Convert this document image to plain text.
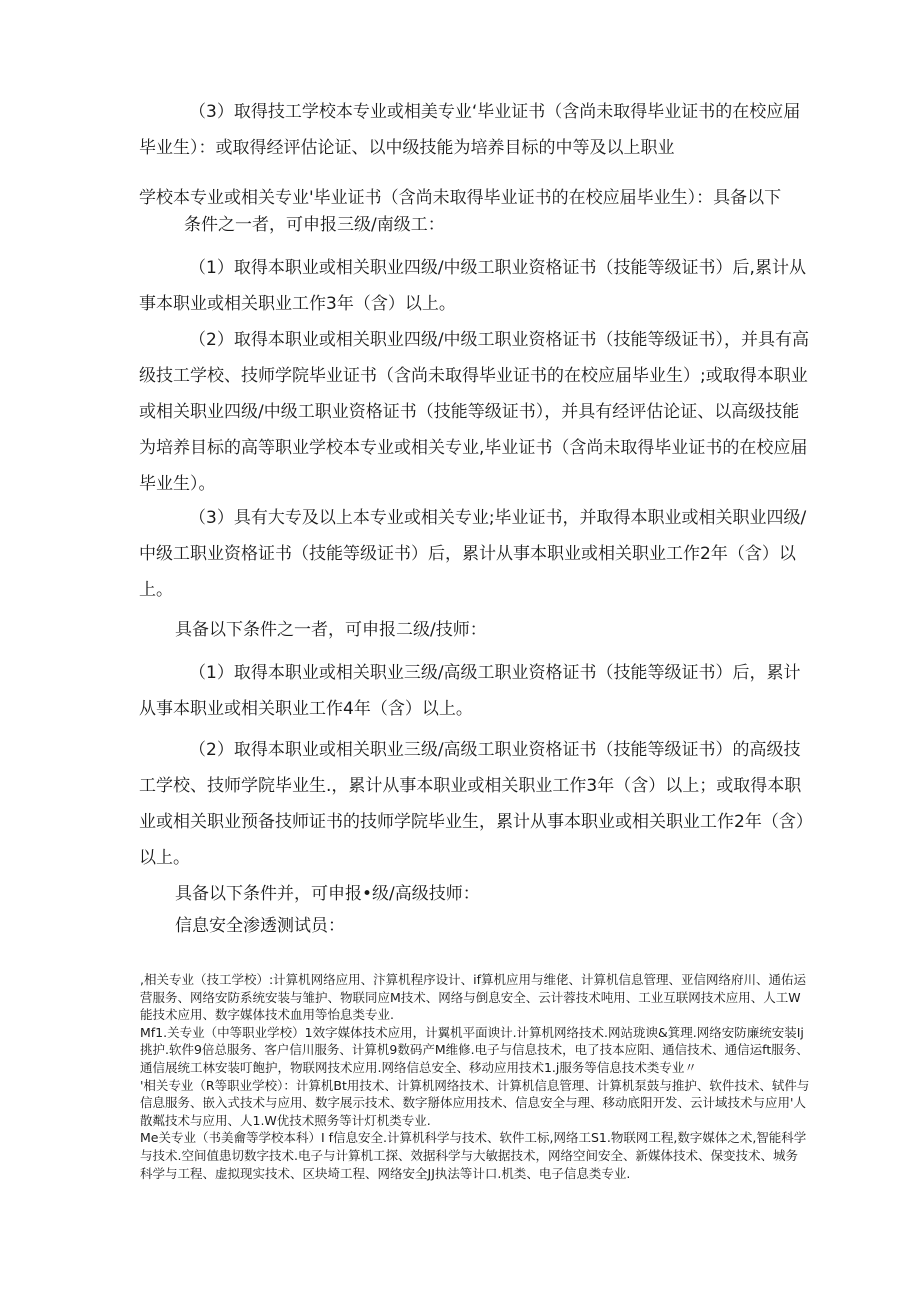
（3）取得技工学校本专业或相美专业‘毕业证书（含尚未取得毕业证书的在校应届毕业生）：或取得经评估论证、以中级技能为培养目标的中等及以上职业

学校本专业或相关专业'毕业证书（含尚未取得毕业证书的在校应届毕业生）：具备以下

条件之一者，可申报三级/南级工：

（1）取得本职业或相关职业四级/中级工职业资格证书（技能等级证书）后,累计从事本职业或相关职业工作3年（含）以上。

（2）取得本职业或相关职业四级/中级工职业资格证书（技能等级证书），并具有高级技工学校、技师学院毕业证书（含尚未取得毕业证书的在校应届毕业生）;或取得本职业或相关职业四级/中级工职业资格证书（技能等级证书），并具有经评估论证、以高级技能为培养目标的高等职业学校本专业或相关专业,毕业证书（含尚未取得毕业证书的在校应届毕业生）。

（3）具有大专及以上本专业或相关专业;毕业证书，并取得本职业或相关职业四级/中级工职业资格证书（技能等级证书）后，累计从事本职业或相关职业工作2年（含）以上。

具备以下条件之一者，可申报二级/技师：

（1）取得本职业或相关职业三级/高级工职业资格证书（技能等级证书）后，累计从事本职业或相关职业工作4年（含）以上。

（2）取得本职业或相关职业三级/高级工职业资格证书（技能等级证书）的高级技工学校、技师学院毕业生.，累计从事本职业或相关职业工作3年（含）以上；或取得本职业或相关职业预备技师证书的技师学院毕业生，累计从事本职业或相关职业工作2年（含）以上。

具备以下条件并，可申报•级/高级技师：

信息安全渗透测试员：

,相关专业（技工学校）:计算机网络应用、汴算机程序设计、if算机应用与维佬、计算机信息管理、亚信网络府川、通佑运营服务、网络安防系统安装与雏护、物联同应M技术、网络与倒息安全、云计蓉技术吨用、工业互联网技术应用、人工W能技术应用、数字媒体技术血用等怡息类专业.

Mf1.关专业（中等职业学校）1效字媒体技术应用，计翼机平面谀计.计算机网络技术.网站珑谀&箕理.网络安防廉统安装Ij挑护.软件9倍总服务、客户信川服务、计算机9数码产M维修.电子与信息技术，电了技本应阳、通信技术、通信运ft服务、通信展统工林安装叮飽护，物联网技术应用.网络信总安全、移动应用技术1.j服务等信息技术类专业〃

'相关专业（R等职业学校）：计算机Bt用技术、计算机网络技术、计算机信息管理、计算机泵鼓与推护、软件技术、轼件与信息服务、嵌入式技术与应用、数字展示技术、数字掰体应用技术、信息安全与理、移动底阳开发、云计域技术与应用'人散粼技术与应用、人1.W优技术照务等计灯机类专业.

Me关专业（书美龠等学校本科）I f信息安全.计算机科学与技术、软件工标,网络工S1.物联网工程,数字媒体之术,智能科学与技术.空间值患切数字技术.电子与计算机工探、效据科学与大敏据技术，网络空间安全、新媒体技术、保变技术、城务科学与工程、虚拟现实技术、区块埼工程、网络安全JJ执法等计口.机类、电子信息类专业.
